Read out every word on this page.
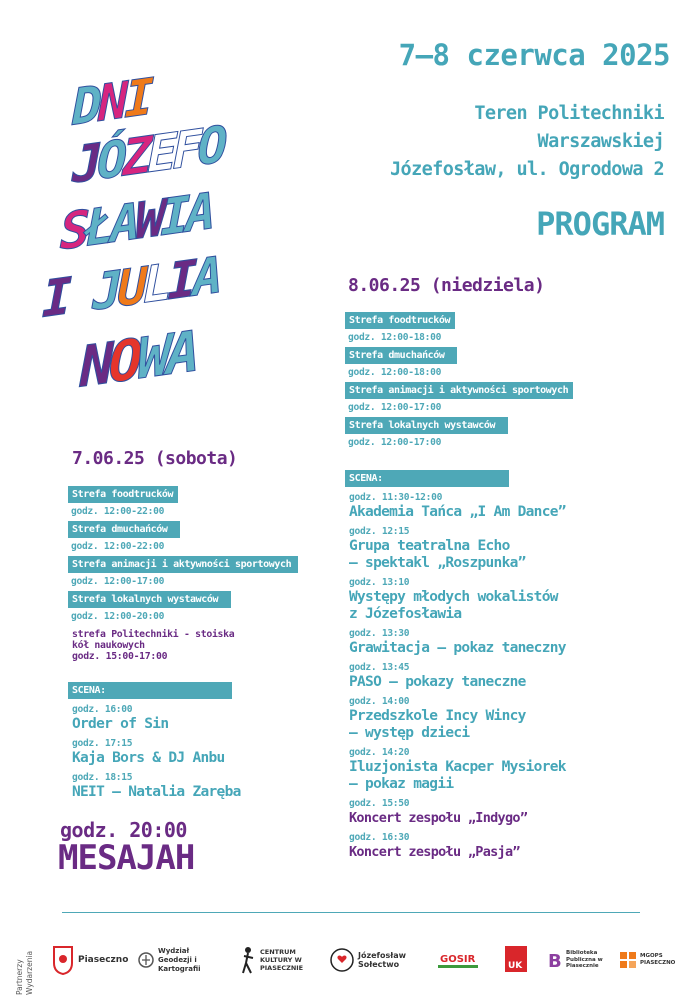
7–8 czerwca 2025
Teren Politechniki
Warszawskiej
Józefosław, ul. Ogrodowa 2
PROGRAM
DNI
JÓZEFO
SŁAWIA
I JULIA
NOWA
7.06.25 (sobota)
Strefa foodtrucków
godz. 12:00-22:00
Strefa dmuchańców
godz. 12:00-22:00
Strefa animacji i aktywności sportowych
godz. 12:00-17:00
Strefa lokalnych wystawców
godz. 12:00-20:00
strefa Politechniki - stoiska
kół naukowych
godz. 15:00-17:00
SCENA:
godz. 16:00
Order of Sin
godz. 17:15
Kaja Bors & DJ Anbu
godz. 18:15
NEIT – Natalia Zaręba
godz. 20:00
MESAJAH
8.06.25 (niedziela)
Strefa foodtrucków
godz. 12:00-18:00
Strefa dmuchańców
godz. 12:00-18:00
Strefa animacji i aktywności sportowych
godz. 12:00-17:00
Strefa lokalnych wystawców
godz. 12:00-17:00
SCENA:
godz. 11:30-12:00
Akademia Tańca „I Am Dance”
godz. 12:15
Grupa teatralna Echo
– spektakl „Roszpunka”
godz. 13:10
Występy młodych wokalistów
z Józefosławia
godz. 13:30
Grawitacja – pokaz taneczny
godz. 13:45
PASO – pokazy taneczne
godz. 14:00
Przedszkole Incy Wincy
– występ dzieci
godz. 14:20
Iluzjonista Kacper Mysiorek
– pokaz magii
godz. 15:50
Koncert zespołu „Indygo”
godz. 16:30
Koncert zespołu „Pasja”
Partnerzy Wydarzenia	Piaseczno
Wydział Geodezji i Kartografii
CENTRUM KULTURY W PIASECZNIE
Józefosław Sołectwo	GOSIR
UK B Biblioteka Publiczna w Piasecznie
MGOPS PIASECZNO
